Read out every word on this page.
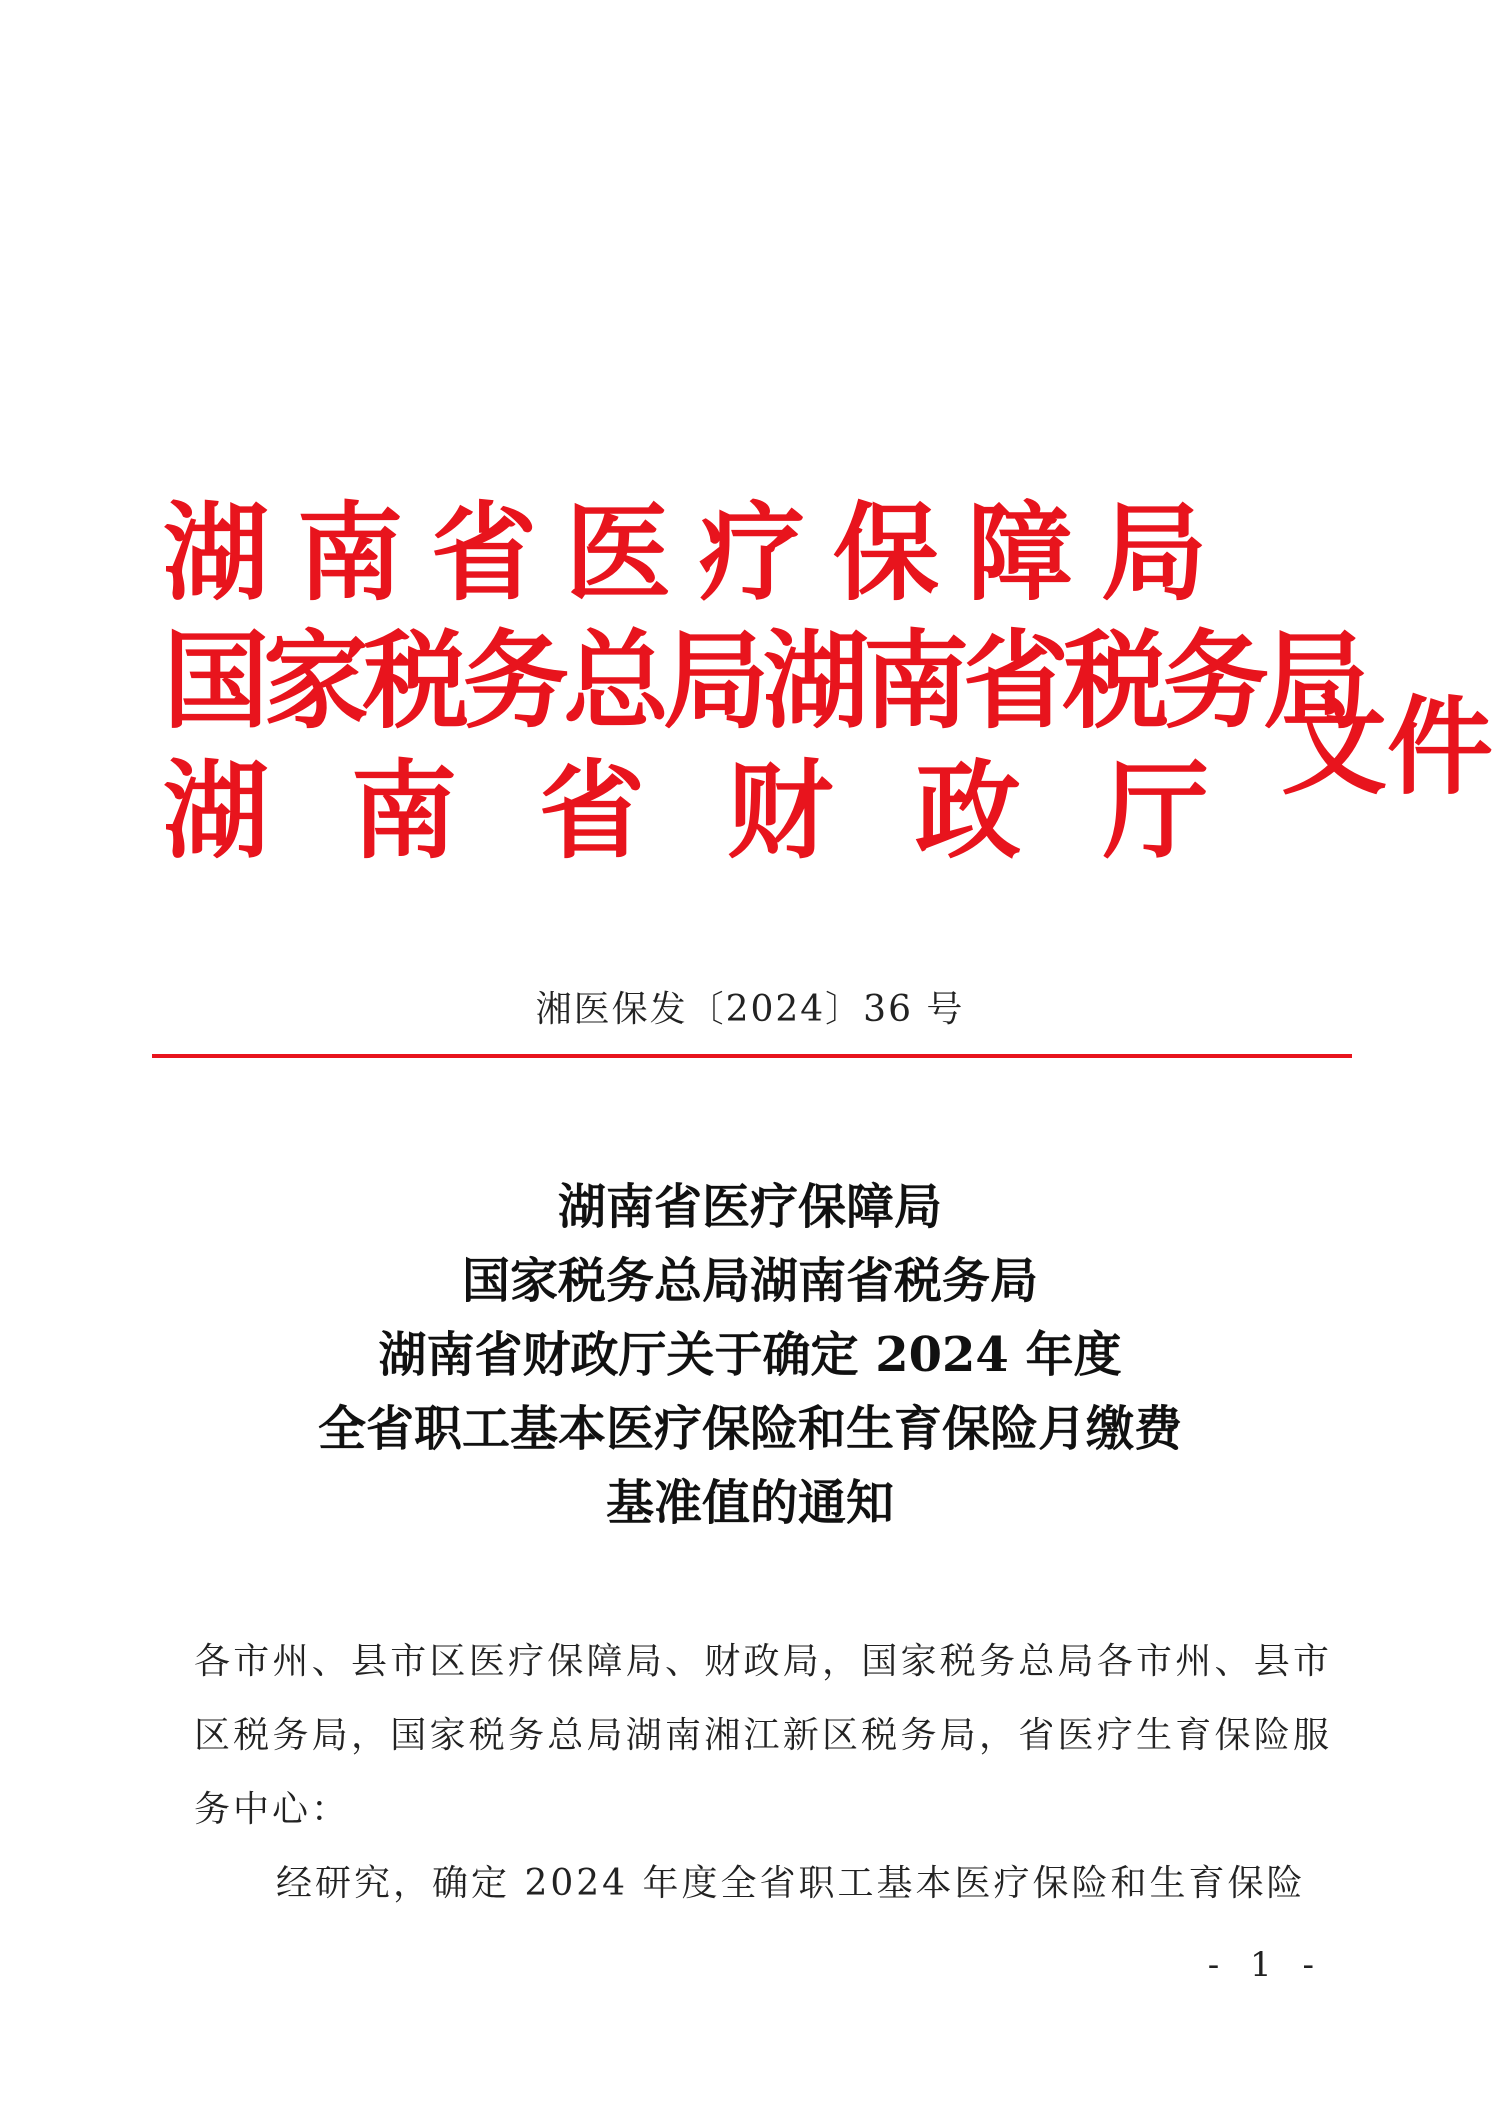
湖南省医疗保障局
国家税务总局湖南省税务局
湖南省财政厅
文件
湘医保发〔2024〕36 号
湖南省医疗保障局
国家税务总局湖南省税务局
湖南省财政厅关于确定 2024 年度
全省职工基本医疗保险和生育保险月缴费
基准值的通知
各市州、县市区医疗保障局、财政局，国家税务总局各市州、县市区税务局，国家税务总局湖南湘江新区税务局，省医疗生育保险服务中心：
经研究，确定 2024 年度全省职工基本医疗保险和生育保险
- 1 -
